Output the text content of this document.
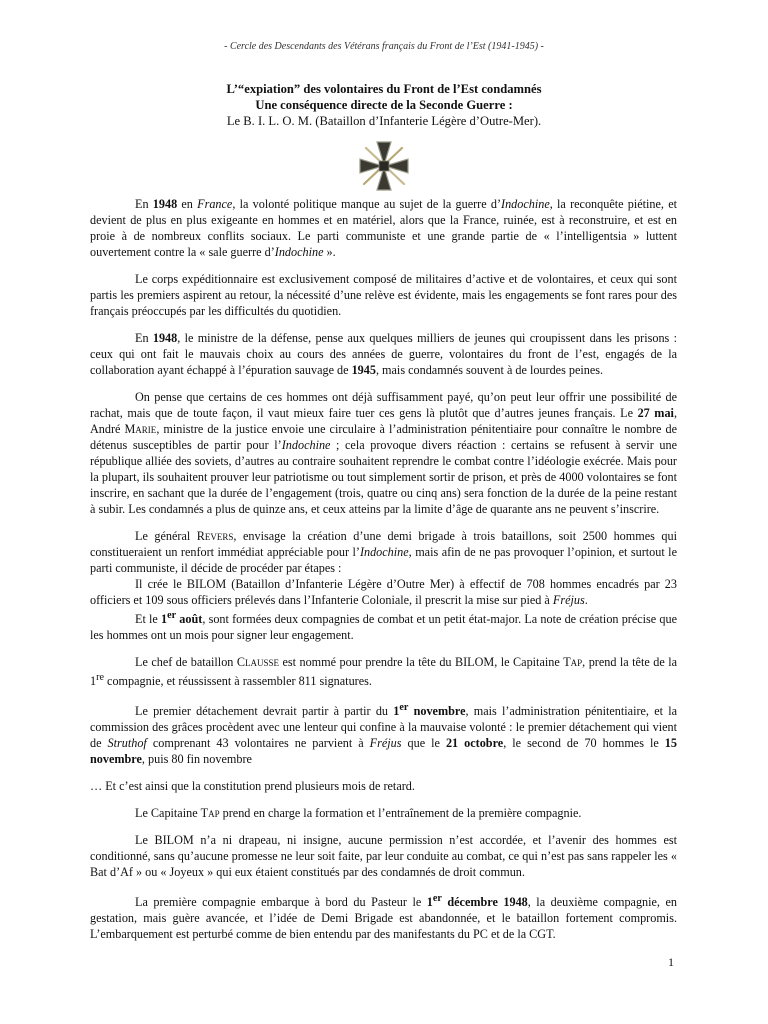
- Cercle des Descendants des Vétérans français du Front de l’Est (1941-1945) -
L’“expiation” des volontaires du Front de l’Est condamnés
Une conséquence directe de la Seconde Guerre :
Le B. I. L. O. M. (Bataillon d’Infanterie Légère d’Outre-Mer).

En 1948 en France, la volonté politique manque au sujet de la guerre d’Indochine, la reconquête piétine, et devient de plus en plus exigeante en hommes et en matériel, alors que la France, ruinée, est à reconstruire, et est en proie à de nombreux conflits sociaux. Le parti communiste et une grande partie de « l’intelligentsia » luttent ouvertement contre la « sale guerre d’Indochine ».

Le corps expéditionnaire est exclusivement composé de militaires d’active et de volontaires, et ceux qui sont partis les premiers aspirent au retour, la nécessité d’une relève est évidente, mais les engagements se font rares pour des français préoccupés par les difficultés du quotidien.

En 1948, le ministre de la défense, pense aux quelques milliers de jeunes qui croupissent dans les prisons : ceux qui ont fait le mauvais choix au cours des années de guerre, volontaires du front de l’est, engagés de la collaboration ayant échappé à l’épuration sauvage de 1945, mais condamnés souvent à de lourdes peines.

On pense que certains de ces hommes ont déjà suffisamment payé, qu’on peut leur offrir une possibilité de rachat, mais que de toute façon, il vaut mieux faire tuer ces gens là plutôt que d’autres jeunes français. Le 27 mai, André Marie, ministre de la justice envoie une circulaire à l’administration pénitentiaire pour connaître le nombre de détenus susceptibles de partir pour l’Indochine ; cela provoque divers réaction : certains se refusent à servir une république alliée des soviets, d’autres au contraire souhaitent reprendre le combat contre l’idéologie exécrée. Mais pour la plupart, ils souhaitent prouver leur patriotisme ou tout simplement sortir de prison, et près de 4000 volontaires se font inscrire, en sachant que la durée de l’engagement (trois, quatre ou cinq ans) sera fonction de la durée de la peine restant à subir. Les condamnés a plus de quinze ans, et ceux atteins par la limite d’âge de quarante ans ne peuvent s’inscrire.

Le général Revers, envisage la création d’une demi brigade à trois bataillons, soit 2500 hommes qui constitueraient un renfort immédiat appréciable pour l’Indochine, mais afin de ne pas provoquer l’opinion, et surtout le parti communiste, il décide de procéder par étapes :

Il crée le BILOM (Bataillon d’Infanterie Légère d’Outre Mer) à effectif de 708 hommes encadrés par 23 officiers et 109 sous officiers prélevés dans l’Infanterie Coloniale, il prescrit la mise sur pied à Fréjus.

Et le 1er août, sont formées deux compagnies de combat et un petit état-major. La note de création précise que les hommes ont un mois pour signer leur engagement.

Le chef de bataillon Clausse est nommé pour prendre la tête du BILOM, le Capitaine Tap, prend la tête de la 1re compagnie, et réussissent à rassembler 811 signatures.

Le premier détachement devrait partir à partir du 1er novembre, mais l’administration pénitentiaire, et la commission des grâces procèdent avec une lenteur qui confine à la mauvaise volonté : le premier détachement qui vient de Struthof comprenant 43 volontaires ne parvient à Fréjus que le 21 octobre, le second de 70 hommes le 15 novembre, puis 80 fin novembre

… Et c’est ainsi que la constitution prend plusieurs mois de retard.

Le Capitaine Tap prend en charge la formation et l’entraînement de la première compagnie.

Le BILOM n’a ni drapeau, ni insigne, aucune permission n’est accordée, et l’avenir des hommes est conditionné, sans qu’aucune promesse ne leur soit faite, par leur conduite au combat, ce qui n’est pas sans rappeler les « Bat d’Af » ou « Joyeux » qui eux étaient constitués par des condamnés de droit commun.

La première compagnie embarque à bord du Pasteur le 1er décembre 1948, la deuxième compagnie, en gestation, mais guère avancée, et l’idée de Demi Brigade est abandonnée, et le bataillon fortement compromis. L’embarquement est perturbé comme de bien entendu par des manifestants du PC et de la CGT.

1
